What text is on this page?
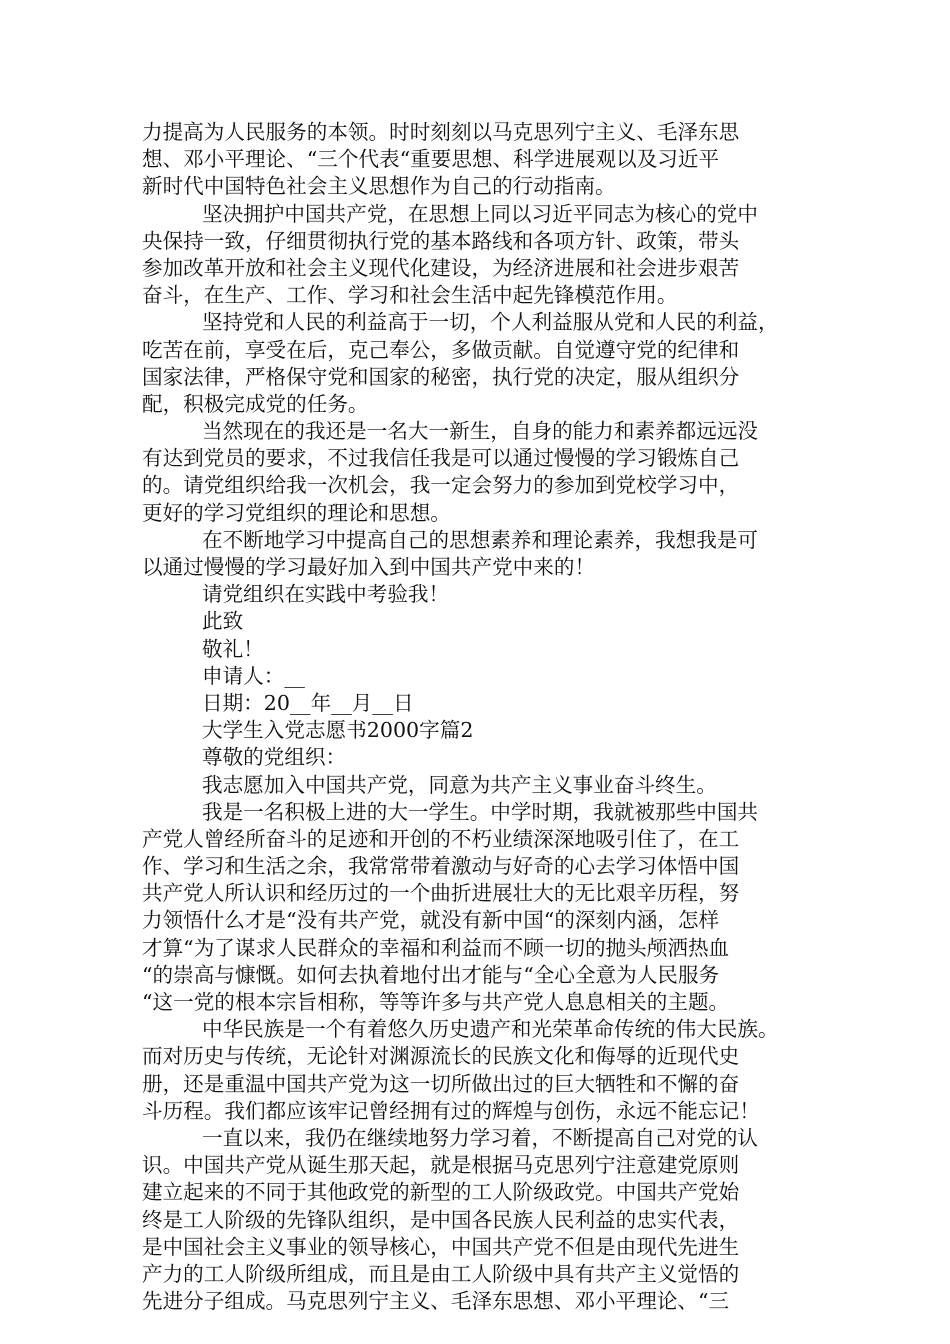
力提高为人民服务的本领。时时刻刻以马克思列宁主义、毛泽东思
想、邓小平理论、“三个代表“重要思想、科学进展观以及习近平
新时代中国特色社会主义思想作为自己的行动指南。
坚决拥护中国共产党，在思想上同以习近平同志为核心的党中
央保持一致，仔细贯彻执行党的基本路线和各项方针、政策，带头
参加改革开放和社会主义现代化建设，为经济进展和社会进步艰苦
奋斗，在生产、工作、学习和社会生活中起先锋模范作用。
坚持党和人民的利益高于一切，个人利益服从党和人民的利益，
吃苦在前，享受在后，克己奉公，多做贡献。自觉遵守党的纪律和
国家法律，严格保守党和国家的秘密，执行党的决定，服从组织分
配，积极完成党的任务。
当然现在的我还是一名大一新生，自身的能力和素养都远远没
有达到党员的要求，不过我信任我是可以通过慢慢的学习锻炼自己
的。请党组织给我一次机会，我一定会努力的参加到党校学习中，
更好的学习党组织的理论和思想。
在不断地学习中提高自己的思想素养和理论素养，我想我是可
以通过慢慢的学习最好加入到中国共产党中来的！
请党组织在实践中考验我！
此致
敬礼！
申请人：__
日期：20__年__月__日
大学生入党志愿书2000字篇2
尊敬的党组织：
我志愿加入中国共产党，同意为共产主义事业奋斗终生。
我是一名积极上进的大一学生。中学时期，我就被那些中国共
产党人曾经所奋斗的足迹和开创的不朽业绩深深地吸引住了，在工
作、学习和生活之余，我常常带着激动与好奇的心去学习体悟中国
共产党人所认识和经历过的一个曲折进展壮大的无比艰辛历程，努
力领悟什么才是“没有共产党，就没有新中国“的深刻内涵，怎样
才算“为了谋求人民群众的幸福和利益而不顾一切的抛头颅洒热血
“的崇高与慷慨。如何去执着地付出才能与“全心全意为人民服务
“这一党的根本宗旨相称，等等许多与共产党人息息相关的主题。
中华民族是一个有着悠久历史遗产和光荣革命传统的伟大民族。
而对历史与传统，无论针对渊源流长的民族文化和侮辱的近现代史
册，还是重温中国共产党为这一切所做出过的巨大牺牲和不懈的奋
斗历程。我们都应该牢记曾经拥有过的辉煌与创伤，永远不能忘记！
一直以来，我仍在继续地努力学习着，不断提高自己对党的认
识。中国共产党从诞生那天起，就是根据马克思列宁注意建党原则
建立起来的不同于其他政党的新型的工人阶级政党。中国共产党始
终是工人阶级的先锋队组织，是中国各民族人民利益的忠实代表，
是中国社会主义事业的领导核心，中国共产党不但是由现代先进生
产力的工人阶级所组成，而且是由工人阶级中具有共产主义觉悟的
先进分子组成。马克思列宁主义、毛泽东思想、邓小平理论、“三
